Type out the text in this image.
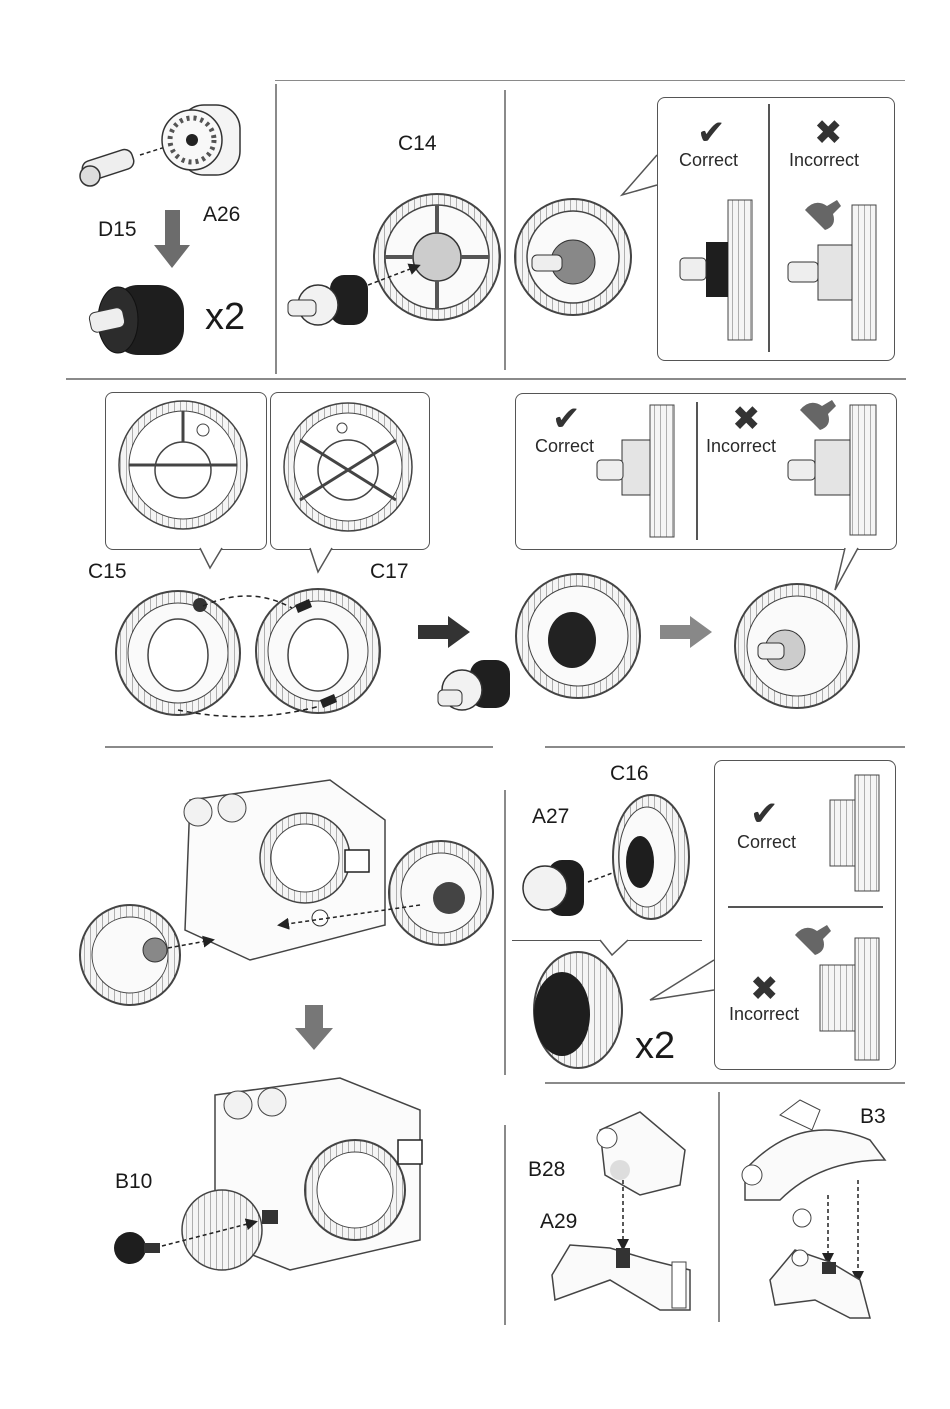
✔	✖
✔	✖
✔
✖
D15
A26
x2
C14
Correct	Incorrect
C15	C17
Correct	Incorrect
C16
A27
x2
Correct
Incorrect
B10
B28
A29
B3
